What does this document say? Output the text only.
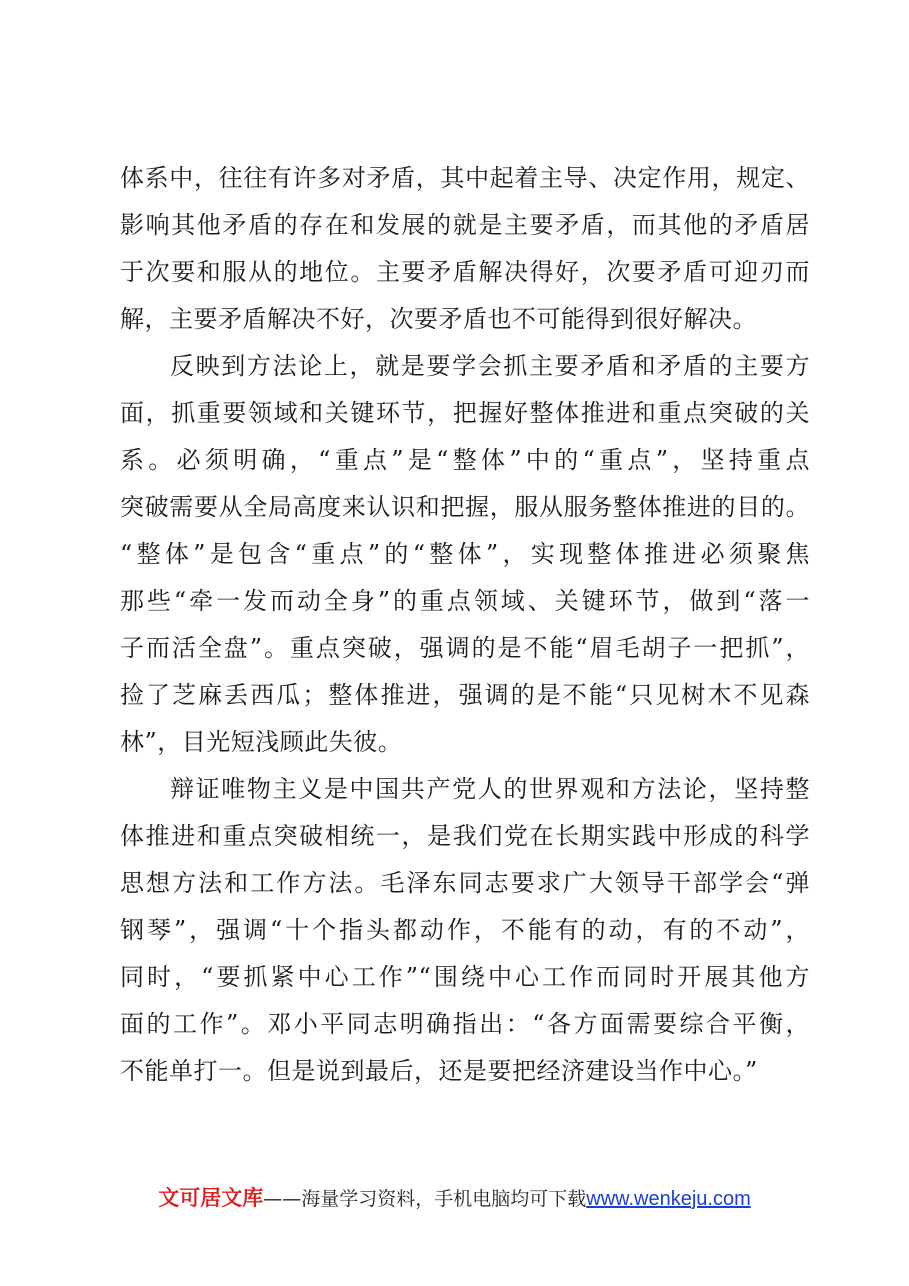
体系中，往往有许多对矛盾，其中起着主导、决定作用，规定、
影响其他矛盾的存在和发展的就是主要矛盾，而其他的矛盾居
于次要和服从的地位。主要矛盾解决得好，次要矛盾可迎刃而
解，主要矛盾解决不好，次要矛盾也不可能得到很好解决。
反映到方法论上，就是要学会抓主要矛盾和矛盾的主要方
面，抓重要领域和关键环节，把握好整体推进和重点突破的关
系。必须明确，“重点”是“整体”中的“重点”，坚持重点
突破需要从全局高度来认识和把握，服从服务整体推进的目的。
“整体”是包含“重点”的“整体”，实现整体推进必须聚焦
那些“牵一发而动全身”的重点领域、关键环节，做到“落一
子而活全盘”。重点突破，强调的是不能“眉毛胡子一把抓”，
捡了芝麻丢西瓜；整体推进，强调的是不能“只见树木不见森
林”，目光短浅顾此失彼。
辩证唯物主义是中国共产党人的世界观和方法论，坚持整
体推进和重点突破相统一，是我们党在长期实践中形成的科学
思想方法和工作方法。毛泽东同志要求广大领导干部学会“弹
钢琴”，强调“十个指头都动作，不能有的动，有的不动”，
同时，“要抓紧中心工作”“围绕中心工作而同时开展其他方
面的工作”。邓小平同志明确指出：“各方面需要综合平衡，
不能单打一。但是说到最后，还是要把经济建设当作中心。”
文可居文库——海量学习资料，手机电脑均可下载www.wenkeju.com
